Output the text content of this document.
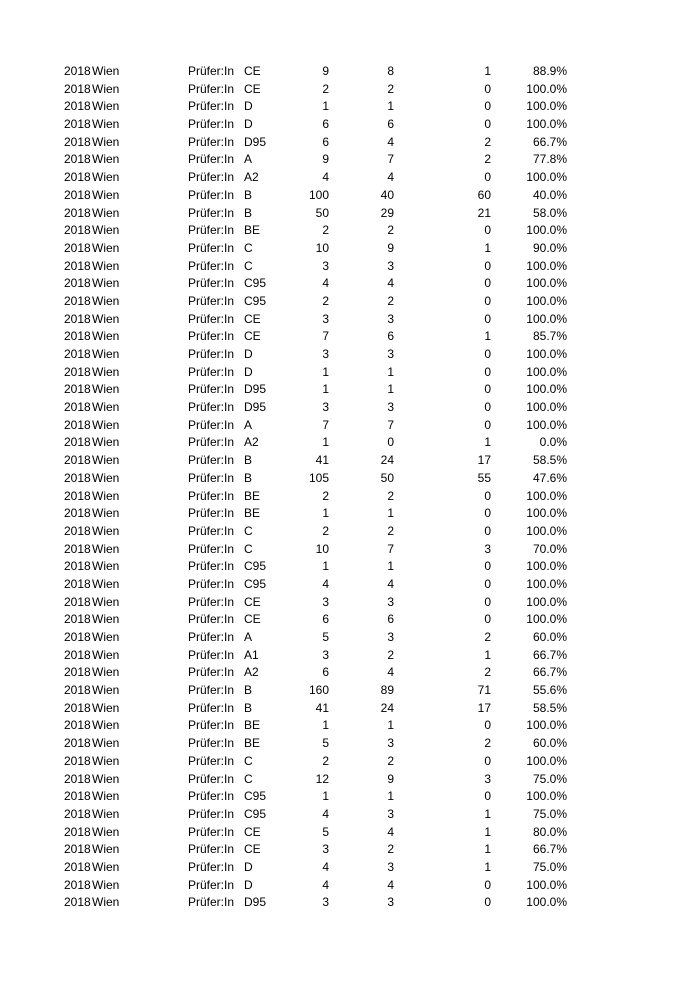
2018 Wien	Prüfer:In CE	9	8	1	88.9%
2018 Wien	Prüfer:In CE	2	2	0	100.0%
2018 Wien	Prüfer:In D	1	1	0	100.0%
2018 Wien	Prüfer:In D	6	6	0	100.0%
2018 Wien	Prüfer:In D95	6	4	2	66.7%
2018 Wien	Prüfer:In A	9	7	2	77.8%
2018 Wien	Prüfer:In A2	4	4	0	100.0%
2018 Wien	Prüfer:In B	100	40	60	40.0%
2018 Wien	Prüfer:In B	50	29	21	58.0%
2018 Wien	Prüfer:In BE	2	2	0	100.0%
2018 Wien	Prüfer:In C	10	9	1	90.0%
2018 Wien	Prüfer:In C	3	3	0	100.0%
2018 Wien	Prüfer:In C95	4	4	0	100.0%
2018 Wien	Prüfer:In C95	2	2	0	100.0%
2018 Wien	Prüfer:In CE	3	3	0	100.0%
2018 Wien	Prüfer:In CE	7	6	1	85.7%
2018 Wien	Prüfer:In D	3	3	0	100.0%
2018 Wien	Prüfer:In D	1	1	0	100.0%
2018 Wien	Prüfer:In D95	1	1	0	100.0%
2018 Wien	Prüfer:In D95	3	3	0	100.0%
2018 Wien	Prüfer:In A	7	7	0	100.0%
2018 Wien	Prüfer:In A2	1	0	1	0.0%
2018 Wien	Prüfer:In B	41	24	17	58.5%
2018 Wien	Prüfer:In B	105	50	55	47.6%
2018 Wien	Prüfer:In BE	2	2	0	100.0%
2018 Wien	Prüfer:In BE	1	1	0	100.0%
2018 Wien	Prüfer:In C	2	2	0	100.0%
2018 Wien	Prüfer:In C	10	7	3	70.0%
2018 Wien	Prüfer:In C95	1	1	0	100.0%
2018 Wien	Prüfer:In C95	4	4	0	100.0%
2018 Wien	Prüfer:In CE	3	3	0	100.0%
2018 Wien	Prüfer:In CE	6	6	0	100.0%
2018 Wien	Prüfer:In A	5	3	2	60.0%
2018 Wien	Prüfer:In A1	3	2	1	66.7%
2018 Wien	Prüfer:In A2	6	4	2	66.7%
2018 Wien	Prüfer:In B	160	89	71	55.6%
2018 Wien	Prüfer:In B	41	24	17	58.5%
2018 Wien	Prüfer:In BE	1	1	0	100.0%
2018 Wien	Prüfer:In BE	5	3	2	60.0%
2018 Wien	Prüfer:In C	2	2	0	100.0%
2018 Wien	Prüfer:In C	12	9	3	75.0%
2018 Wien	Prüfer:In C95	1	1	0	100.0%
2018 Wien	Prüfer:In C95	4	3	1	75.0%
2018 Wien	Prüfer:In CE	5	4	1	80.0%
2018 Wien	Prüfer:In CE	3	2	1	66.7%
2018 Wien	Prüfer:In D	4	3	1	75.0%
2018 Wien	Prüfer:In D	4	4	0	100.0%
2018 Wien	Prüfer:In D95	3	3	0	100.0%
